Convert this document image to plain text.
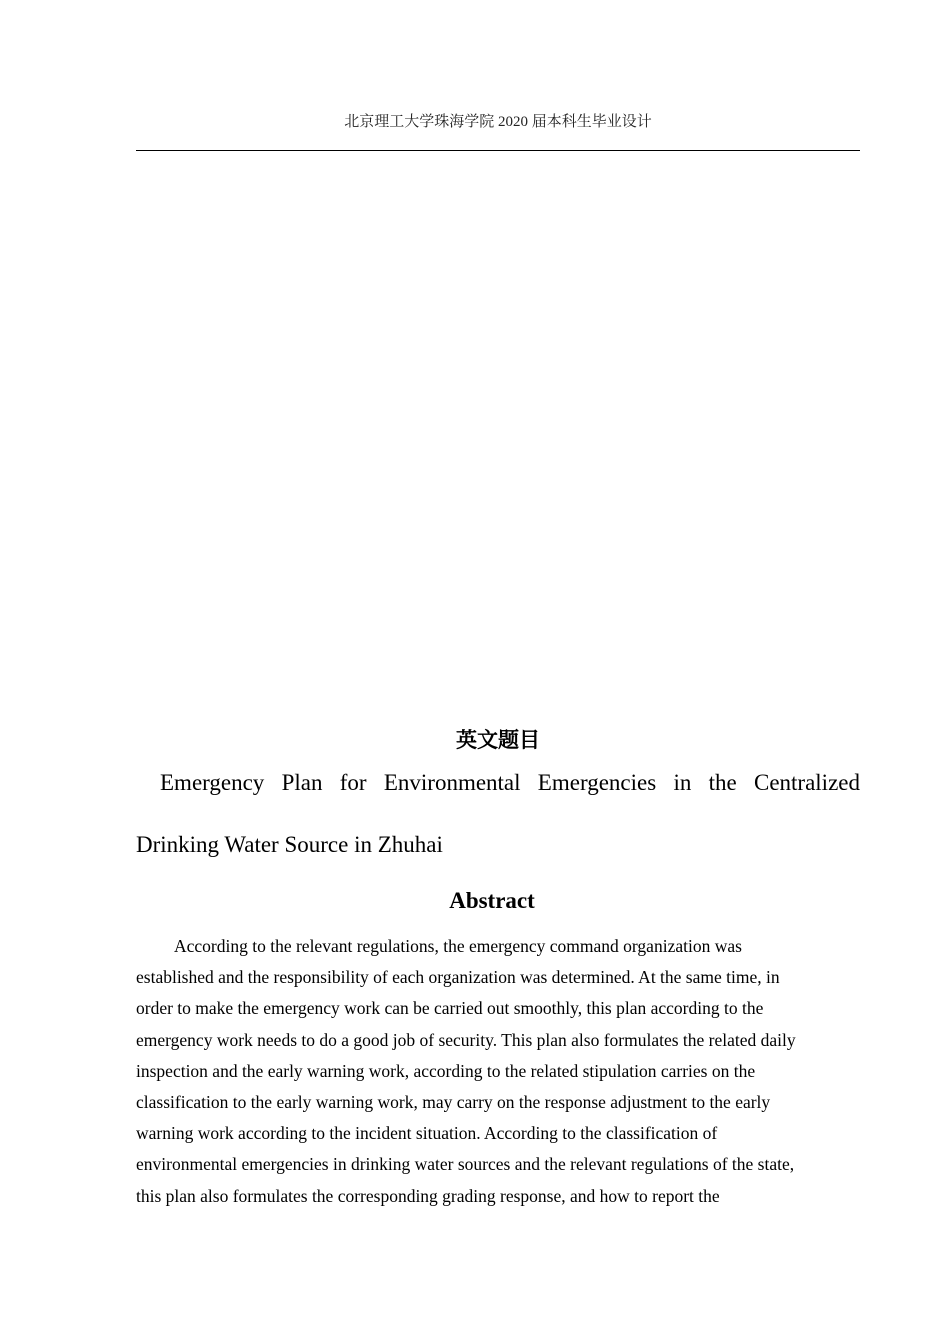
北京理工大学珠海学院 2020 届本科生毕业设计
英文题目
Emergency Plan for Environmental Emergencies in the Centralized
Drinking Water Source in Zhuhai
Abstract
According to the relevant regulations, the emergency command organization was
established and the responsibility of each organization was determined. At the same time, in
order to make the emergency work can be carried out smoothly, this plan according to the
emergency work needs to do a good job of security. This plan also formulates the related daily
inspection and the early warning work, according to the related stipulation carries on the
classification to the early warning work, may carry on the response adjustment to the early
warning work according to the incident situation. According to the classification of
environmental emergencies in drinking water sources and the relevant regulations of the state,
this plan also formulates the corresponding grading response, and how to report the
